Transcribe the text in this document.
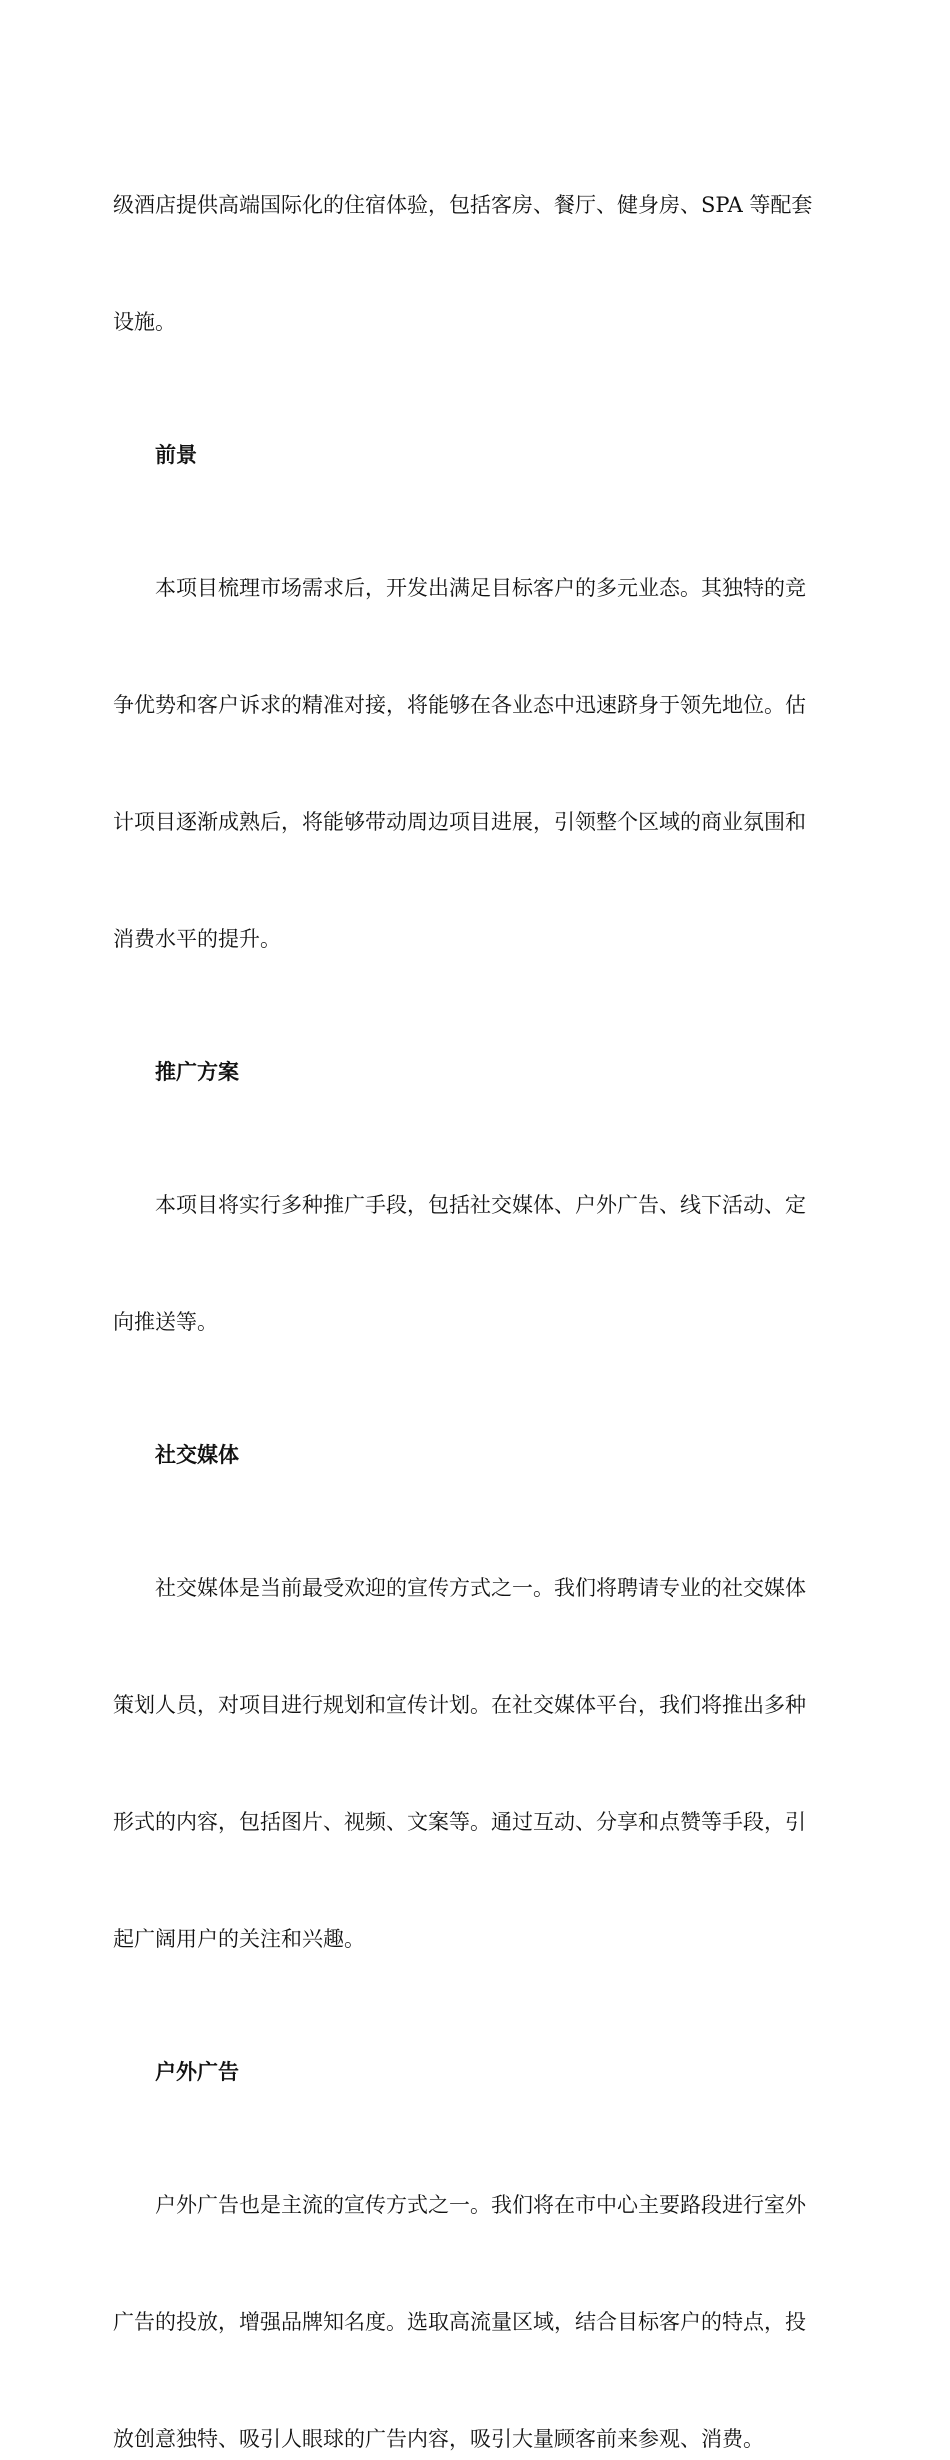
级酒店提供高端国际化的住宿体验，包括客房、餐厅、健身房、SPA 等配套

设施。

前景

本项目梳理市场需求后，开发出满足目标客户的多元业态。其独特的竞

争优势和客户诉求的精准对接，将能够在各业态中迅速跻身于领先地位。估

计项目逐渐成熟后，将能够带动周边项目进展，引领整个区域的商业氛围和

消费水平的提升。

推广方案

本项目将实行多种推广手段，包括社交媒体、户外广告、线下活动、定

向推送等。

社交媒体

社交媒体是当前最受欢迎的宣传方式之一。我们将聘请专业的社交媒体

策划人员，对项目进行规划和宣传计划。在社交媒体平台，我们将推出多种

形式的内容，包括图片、视频、文案等。通过互动、分享和点赞等手段，引

起广阔用户的关注和兴趣。

户外广告

户外广告也是主流的宣传方式之一。我们将在市中心主要路段进行室外

广告的投放，增强品牌知名度。选取高流量区域，结合目标客户的特点，投

放创意独特、吸引人眼球的广告内容，吸引大量顾客前来参观、消费。
